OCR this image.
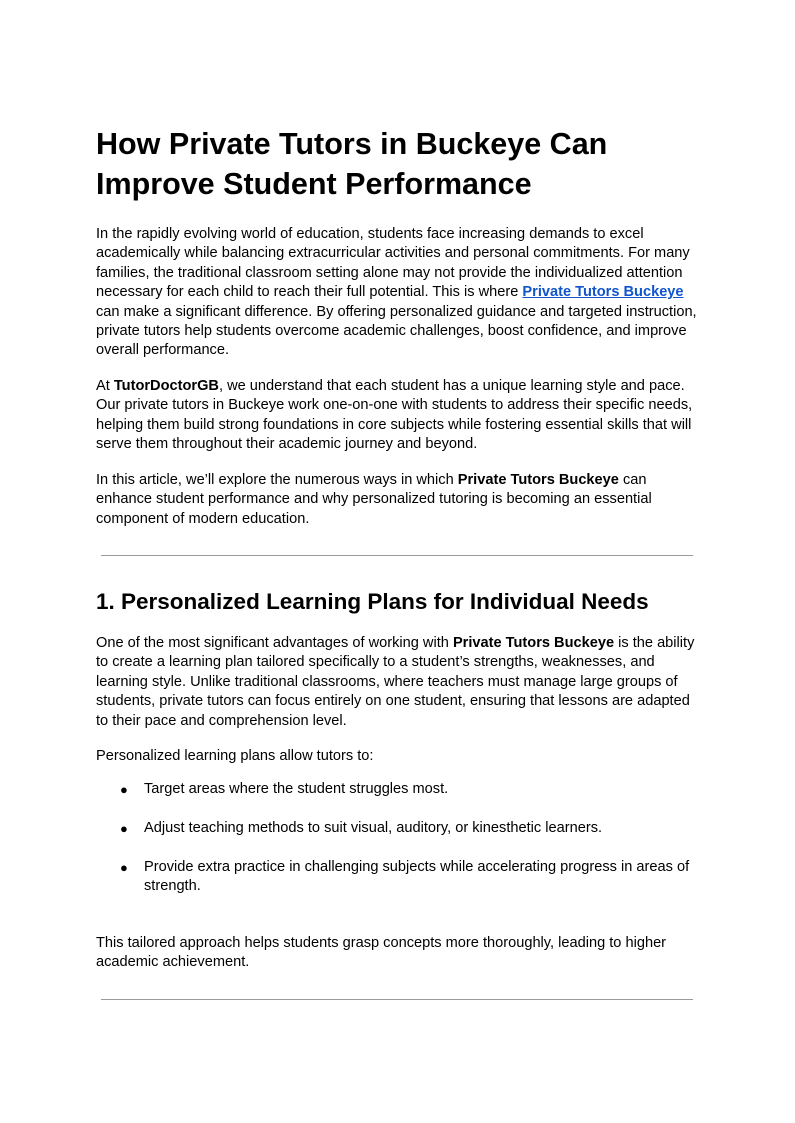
How Private Tutors in Buckeye Can Improve Student Performance

In the rapidly evolving world of education, students face increasing demands to excel academically while balancing extracurricular activities and personal commitments. For many families, the traditional classroom setting alone may not provide the individualized attention necessary for each child to reach their full potential. This is where Private Tutors Buckeye can make a significant difference. By offering personalized guidance and targeted instruction, private tutors help students overcome academic challenges, boost confidence, and improve overall performance.

At TutorDoctorGB, we understand that each student has a unique learning style and pace. Our private tutors in Buckeye work one-on-one with students to address their specific needs, helping them build strong foundations in core subjects while fostering essential skills that will serve them throughout their academic journey and beyond.

In this article, we’ll explore the numerous ways in which Private Tutors Buckeye can enhance student performance and why personalized tutoring is becoming an essential component of modern education.

1. Personalized Learning Plans for Individual Needs

One of the most significant advantages of working with Private Tutors Buckeye is the ability to create a learning plan tailored specifically to a student’s strengths, weaknesses, and learning style. Unlike traditional classrooms, where teachers must manage large groups of students, private tutors can focus entirely on one student, ensuring that lessons are adapted to their pace and comprehension level.

Personalized learning plans allow tutors to:

● Target areas where the student struggles most.
● Adjust teaching methods to suit visual, auditory, or kinesthetic learners.
● Provide extra practice in challenging subjects while accelerating progress in areas of strength.

This tailored approach helps students grasp concepts more thoroughly, leading to higher academic achievement.
